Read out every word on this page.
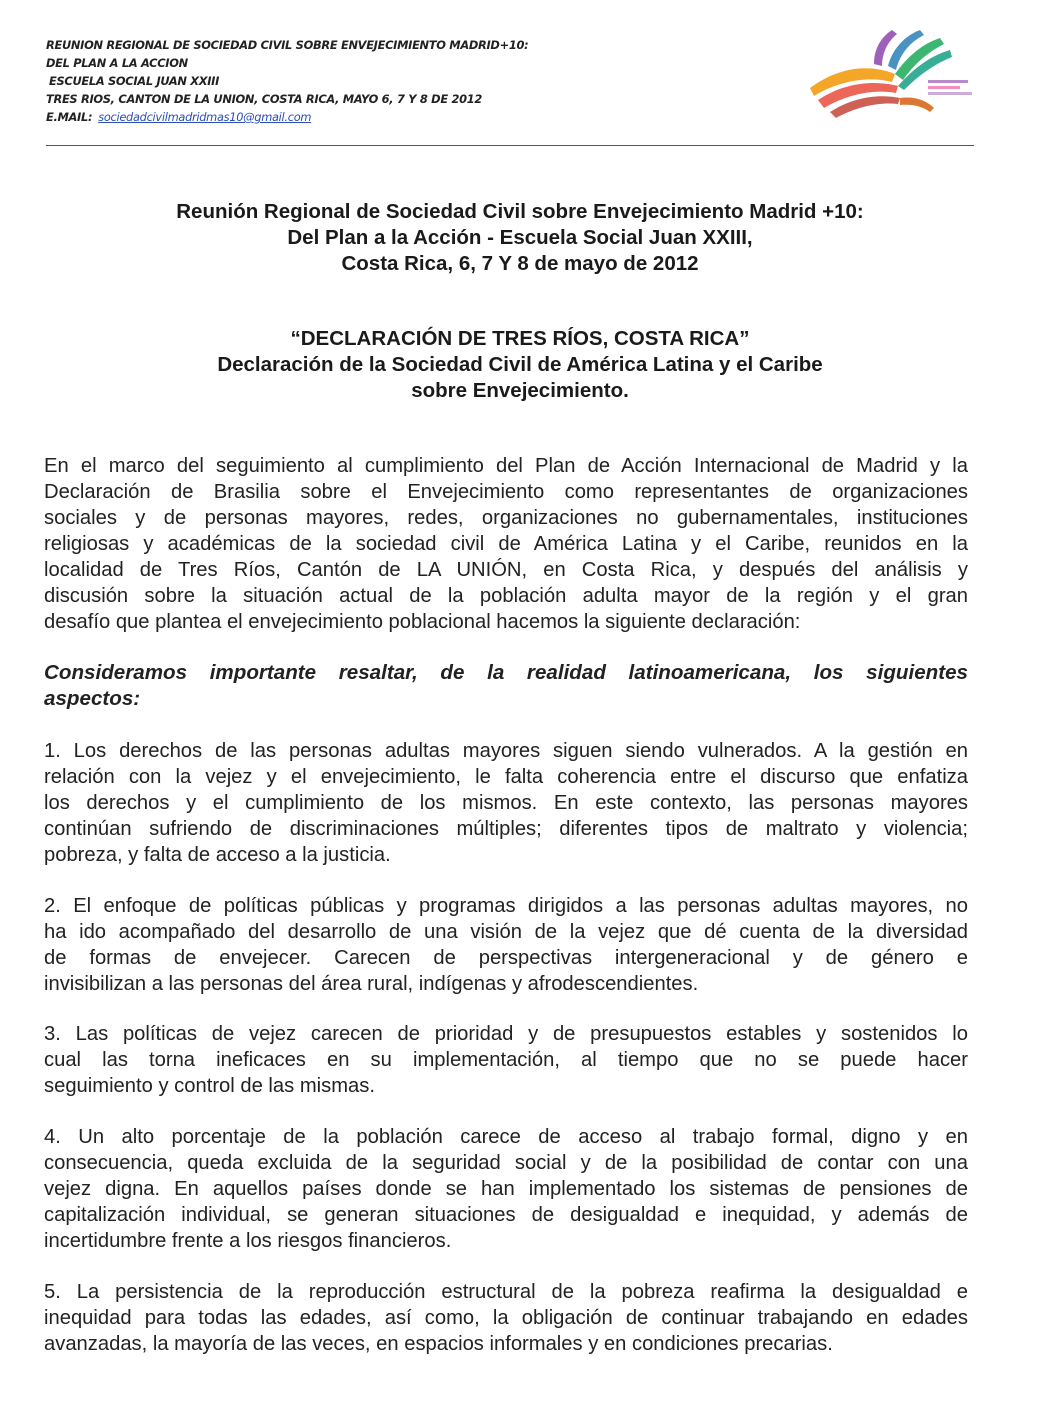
REUNION REGIONAL DE SOCIEDAD CIVIL SOBRE ENVEJECIMIENTO MADRID+10:
DEL PLAN A LA ACCION
ESCUELA SOCIAL JUAN XXIII
TRES RIOS, CANTON DE LA UNION, COSTA RICA, MAYO 6, 7 Y 8 DE 2012
E.MAIL: sociedadcivilmadridmas10@gmail.com
Reunión Regional de Sociedad Civil sobre Envejecimiento Madrid +10:
Del Plan a la Acción - Escuela Social Juan XXIII,
Costa Rica, 6, 7 Y 8 de mayo de 2012
“DECLARACIÓN DE TRES RÍOS, COSTA RICA”
Declaración de la Sociedad Civil de América Latina y el Caribe
sobre Envejecimiento.
En el marco del seguimiento al cumplimiento del Plan de Acción Internacional de Madrid y la
Declaración de Brasilia sobre el Envejecimiento como representantes de organizaciones
sociales y de personas mayores, redes, organizaciones no gubernamentales, instituciones
religiosas y académicas de la sociedad civil de América Latina y el Caribe, reunidos en la
localidad de Tres Ríos, Cantón de LA UNIÓN, en Costa Rica, y después del análisis y
discusión sobre la situación actual de la población adulta mayor de la región y el gran
desafío que plantea el envejecimiento poblacional hacemos la siguiente declaración:
Consideramos importante resaltar, de la realidad latinoamericana, los siguientes
aspectos:
1. Los derechos de las personas adultas mayores siguen siendo vulnerados. A la gestión en
relación con la vejez y el envejecimiento, le falta coherencia entre el discurso que enfatiza
los derechos y el cumplimiento de los mismos. En este contexto, las personas mayores
continúan sufriendo de discriminaciones múltiples; diferentes tipos de maltrato y violencia;
pobreza, y falta de acceso a la justicia.
2. El enfoque de políticas públicas y programas dirigidos a las personas adultas mayores, no
ha ido acompañado del desarrollo de una visión de la vejez que dé cuenta de la diversidad
de formas de envejecer. Carecen de perspectivas intergeneracional y de género e
invisibilizan a las personas del área rural, indígenas y afrodescendientes.
3. Las políticas de vejez carecen de prioridad y de presupuestos estables y sostenidos lo
cual las torna ineficaces en su implementación, al tiempo que no se puede hacer
seguimiento y control de las mismas.
4. Un alto porcentaje de la población carece de acceso al trabajo formal, digno y en
consecuencia, queda excluida de la seguridad social y de la posibilidad de contar con una
vejez digna. En aquellos países donde se han implementado los sistemas de pensiones de
capitalización individual, se generan situaciones de desigualdad e inequidad, y además de
incertidumbre frente a los riesgos financieros.
5. La persistencia de la reproducción estructural de la pobreza reafirma la desigualdad e
inequidad para todas las edades, así como, la obligación de continuar trabajando en edades
avanzadas, la mayoría de las veces, en espacios informales y en condiciones precarias.
